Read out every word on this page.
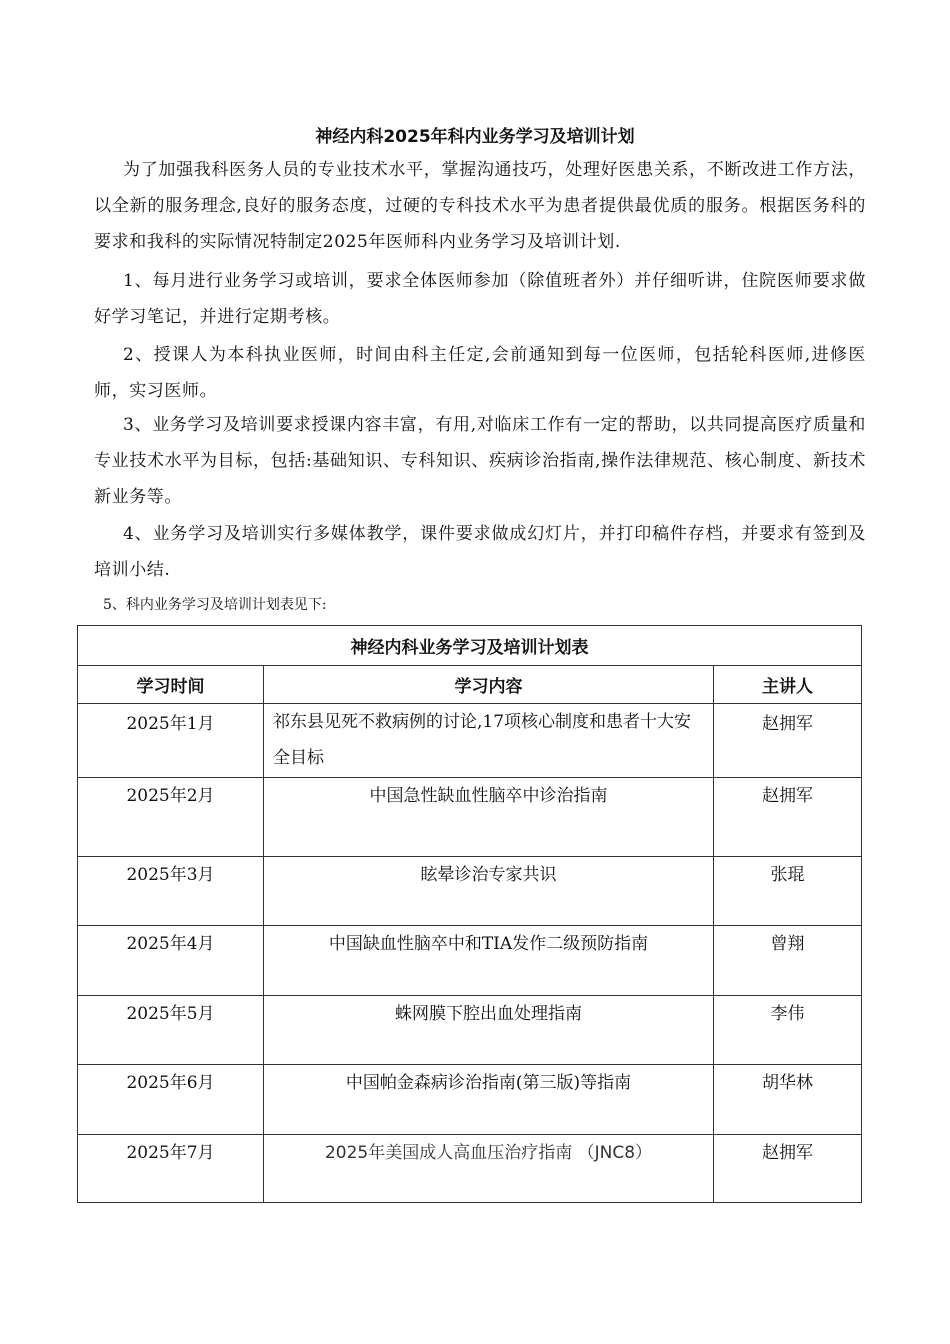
神经内科2025年科内业务学习及培训计划

为了加强我科医务人员的专业技术水平，掌握沟通技巧，处理好医患关系，不断改进工作方法，以全新的服务理念,良好的服务态度，过硬的专科技术水平为患者提供最优质的服务。根据医务科的要求和我科的实际情况特制定2025年医师科内业务学习及培训计划.

1、每月进行业务学习或培训，要求全体医师参加（除值班者外）并仔细听讲，住院医师要求做好学习笔记，并进行定期考核。

2、授课人为本科执业医师，时间由科主任定,会前通知到每一位医师，包括轮科医师,进修医师，实习医师。

3、业务学习及培训要求授课内容丰富，有用,对临床工作有一定的帮助，以共同提高医疗质量和专业技术水平为目标，包括:基础知识、专科知识、疾病诊治指南,操作法律规范、核心制度、新技术新业务等。

4、业务学习及培训实行多媒体教学，课件要求做成幻灯片，并打印稿件存档，并要求有签到及培训小结.

5、科内业务学习及培训计划表见下:

神经内科业务学习及培训计划表		
学习时间	学习内容	主讲人
2025年1月	祁东县见死不救病例的讨论,17项核心制度和患者十大安全目标	赵拥军
2025年2月	中国急性缺血性脑卒中诊治指南	赵拥军
2025年3月	眩晕诊治专家共识	张琨
2025年4月	中国缺血性脑卒中和TIA发作二级预防指南	曾翔
2025年5月	蛛网膜下腔出血处理指南	李伟
2025年6月	中国帕金森病诊治指南(第三版)等指南	胡华林
2025年7月	2025年美国成人高血压治疗指南 （JNC8）	赵拥军
